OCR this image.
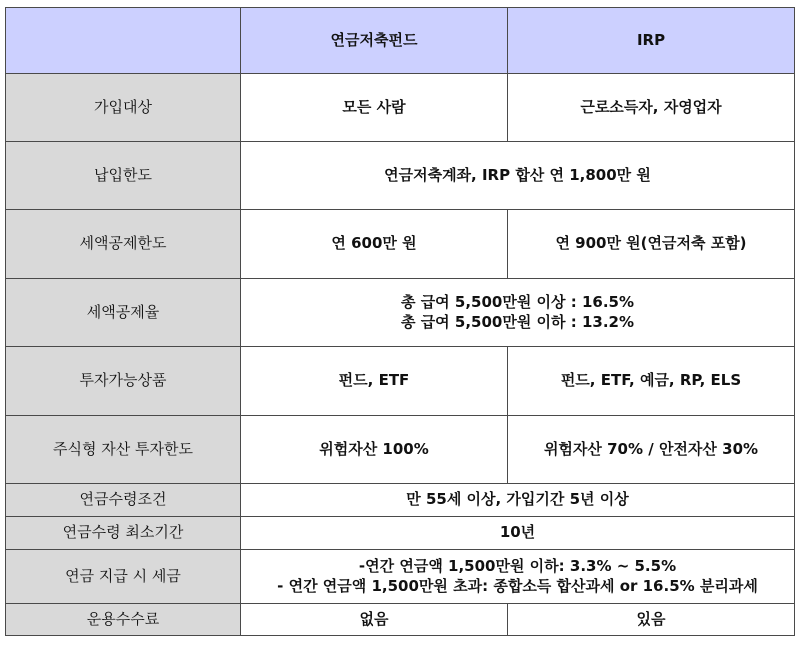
	연금저축펀드	IRP
가입대상	모든 사람	근로소득자, 자영업자
납입한도	연금저축계좌, IRP 합산 연 1,800만 원	
세액공제한도	연 600만 원	연 900만 원(연금저축 포함)
세액공제율	총 급여 5,500만원 이상 : 16.5%
총 급여 5,500만원 이하 : 13.2%	

투자가능상품	펀드, ETF	펀드, ETF, 예금, RP, ELS
주식형 자산 투자한도	위험자산 100%	위험자산 70% / 안전자산 30%
연금수령조건	만 55세 이상, 가입기간 5년 이상	
연금수령 최소기간	10년	
연금 지급 시 세금	-연간 연금액 1,500만원 이하: 3.3% ~ 5.5%
- 연간 연금액 1,500만원 초과: 종합소득 합산과세 or 16.5% 분리과세	

운용수수료	없음	있음
